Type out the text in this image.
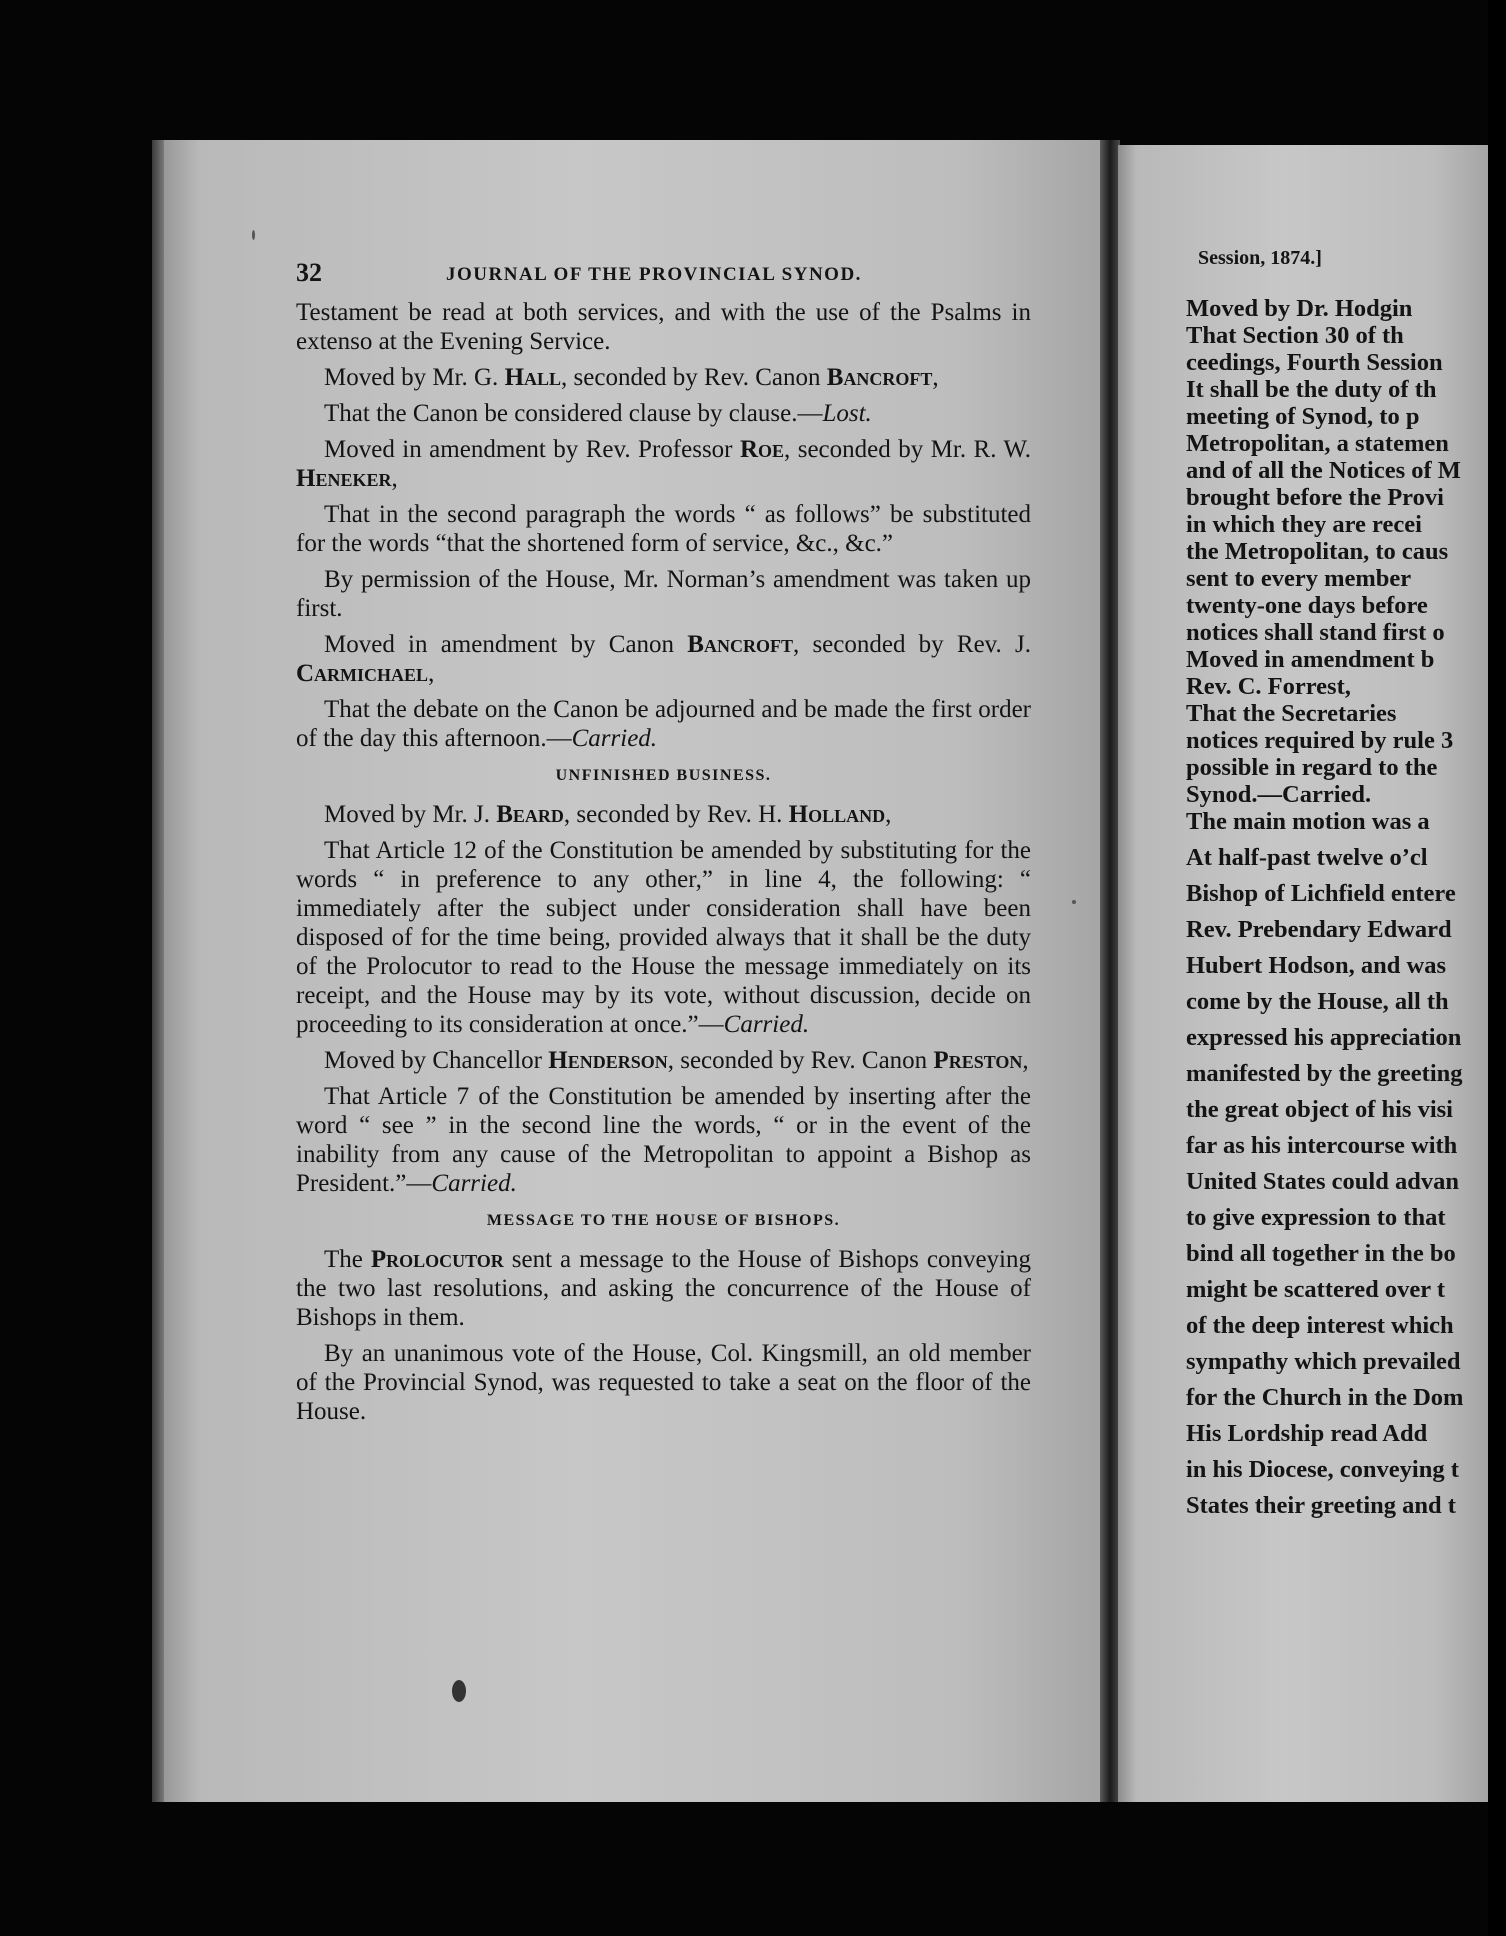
32	JOURNAL OF THE PROVINCIAL SYNOD.

Testament be read at both services, and with the use of the Psalms in extenso at the Evening Service.

Moved by Mr. G. Hall, seconded by Rev. Canon Bancroft,

That the Canon be considered clause by clause.—Lost.

Moved in amendment by Rev. Professor Roe, seconded by Mr. R. W. Heneker,

That in the second paragraph the words “ as follows” be substituted for the words “that the shortened form of service, &c., &c.”

By permission of the House, Mr. Norman’s amendment was taken up first.

Moved in amendment by Canon Bancroft, seconded by Rev. J. Carmichael,

That the debate on the Canon be adjourned and be made the first order of the day this afternoon.—Carried.

UNFINISHED BUSINESS.

Moved by Mr. J. Beard, seconded by Rev. H. Holland,

That Article 12 of the Constitution be amended by substituting for the words “ in preference to any other,” in line 4, the following: “ immediately after the subject under consideration shall have been disposed of for the time being, provided always that it shall be the duty of the Prolocutor to read to the House the message immediately on its receipt, and the House may by its vote, without discussion, decide on proceeding to its consideration at once.”—Carried.

Moved by Chancellor Henderson, seconded by Rev. Canon Preston,

That Article 7 of the Constitution be amended by inserting after the word “ see ” in the second line the words, “ or in the event of the inability from any cause of the Metropolitan to appoint a Bishop as President.”—Carried.

MESSAGE TO THE HOUSE OF BISHOPS.

The Prolocutor sent a message to the House of Bishops conveying the two last resolutions, and asking the concurrence of the House of Bishops in them.

By an unanimous vote of the House, Col. Kingsmill, an old member of the Provincial Synod, was requested to take a seat on the floor of the House.

Session, 1874.]
Moved by Dr. Hodgin
That Section 30 of th
ceedings, Fourth Session
It shall be the duty of th
meeting of Synod, to p
Metropolitan, a statemen
and of all the Notices of M
brought before the Provi
in which they are recei
the Metropolitan, to caus
sent to every member
twenty-one days before
notices shall stand first o
Moved in amendment b
Rev. C. Forrest,
That the Secretaries
notices required by rule 3
possible in regard to the
Synod.—Carried.
The main motion was a
At half-past twelve o’cl
Bishop of Lichfield entere
Rev. Prebendary Edward
Hubert Hodson, and was
come by the House, all th
expressed his appreciation
manifested by the greeting
the great object of his visi
far as his intercourse with
United States could advan
to give expression to that
bind all together in the bo
might be scattered over t
of the deep interest which
sympathy which prevailed
for the Church in the Dom
His Lordship read Add
in his Diocese, conveying t
States their greeting and t
